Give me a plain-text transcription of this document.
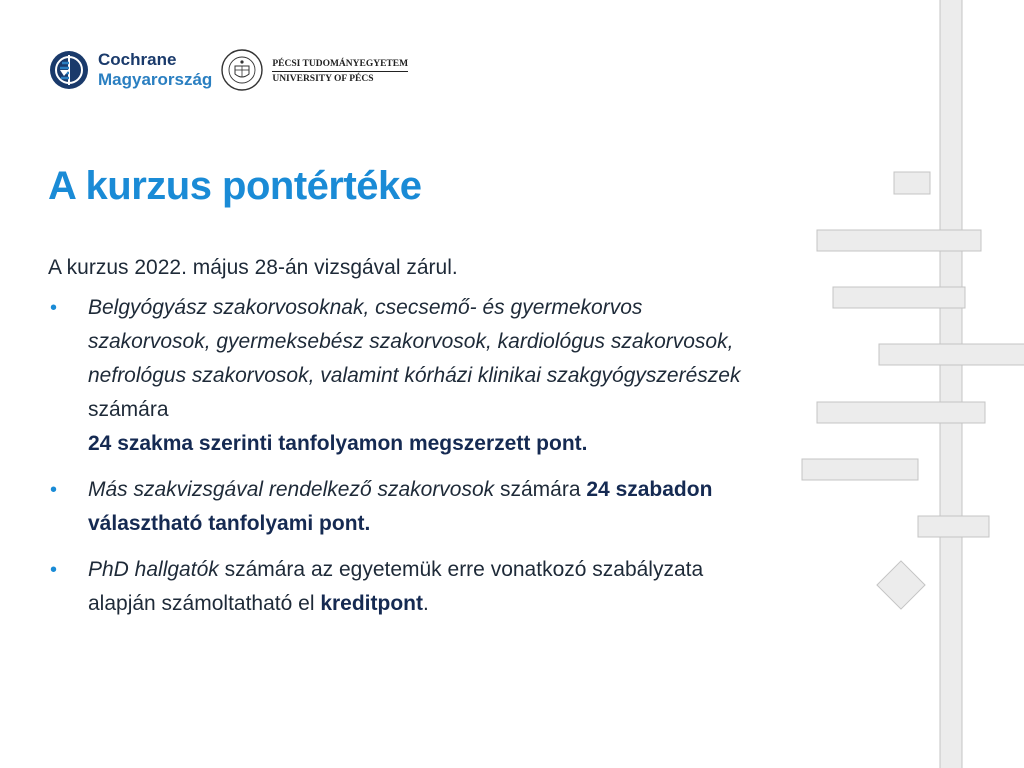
Cochrane
Magyarország
PÉCSI TUDOMÁNYEGYETEM
UNIVERSITY OF PÉCS
A kurzus pontértéke

A kurzus 2022. május 28-án vizsgával zárul.

• Belgyógyász szakorvosoknak, csecsemő- és gyermekorvos szakorvosok, gyermeksebész szakorvosok, kardiológus szakorvosok, nefrológus szakorvosok, valamint kórházi klinikai szakgyógyszerészek számára
24 szakma szerinti tanfolyamon megszerzett pont.
• Más szakvizsgával rendelkező szakorvosok számára 24 szabadon választható tanfolyami pont.
• PhD hallgatók számára az egyetemük erre vonatkozó szabályzata alapján számoltatható el kreditpont.
